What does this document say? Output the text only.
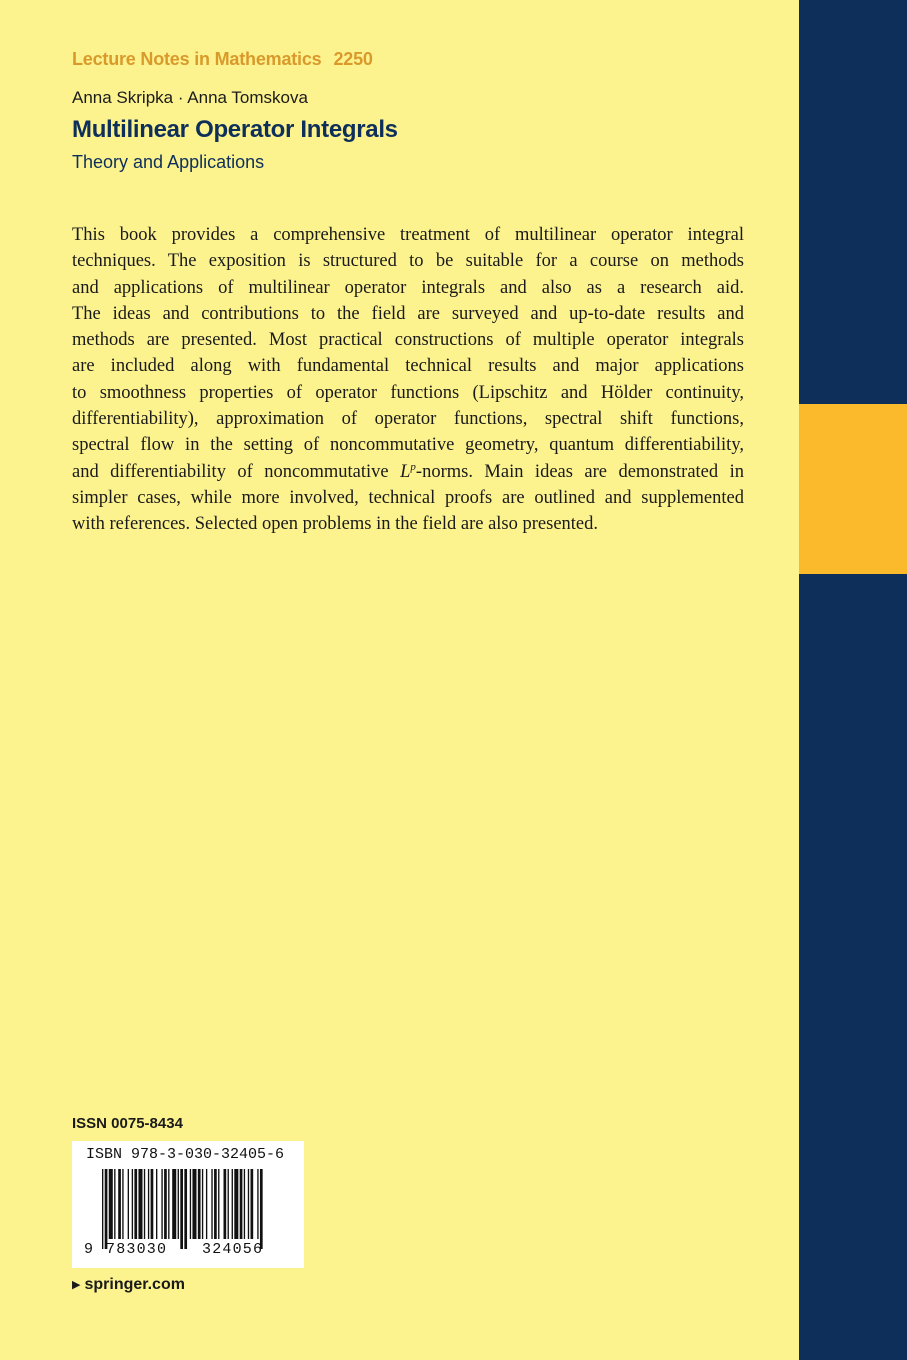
Lecture Notes in Mathematics 2250
Anna Skripka · Anna Tomskova
Multilinear Operator Integrals
Theory and Applications
This book provides a comprehensive treatment of multilinear operator integral
techniques. The exposition is structured to be suitable for a course on methods
and applications of multilinear operator integrals and also as a research aid.
The ideas and contributions to the field are surveyed and up-to-date results and
methods are presented. Most practical constructions of multiple operator integrals
are included along with fundamental technical results and major applications
to smoothness properties of operator functions (Lipschitz and Hölder continuity,
differentiability), approximation of operator functions, spectral shift functions,
spectral flow in the setting of noncommutative geometry, quantum differentiability,
and differentiability of noncommutative $L^p$-norms. Main ideas are demonstrated in
simpler cases, while more involved, technical proofs are outlined and supplemented
with references. Selected open problems in the field are also presented.
ISSN 0075-8434
ISBN 978-3-030-32405-6
9 783030 324056
▶ springer.com
